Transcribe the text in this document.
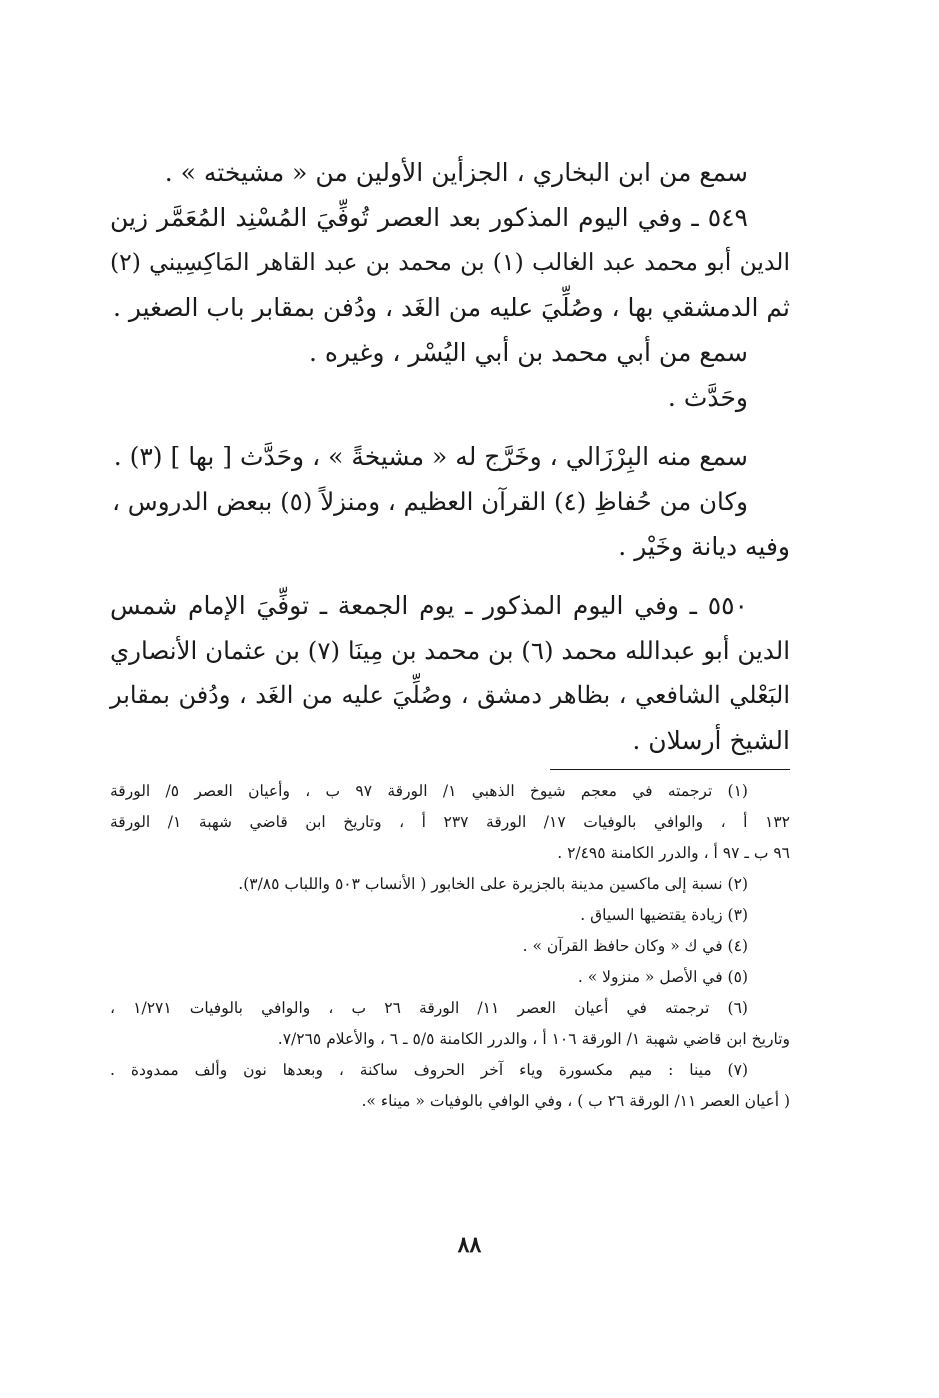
سمع من ابن البخاري ، الجزأين الأولين من « مشيخته » .
٥٤٩ ـ وفي اليوم المذكور بعد العصر تُوفِّيَ المُسْنِد المُعَمَّر زين
الدين أبو محمد عبد الغالب (١) بن محمد بن عبد القاهر المَاكِسِيني (٢)
ثم الدمشقي بها ، وصُلِّيَ عليه من الغَد ، ودُفن بمقابر باب الصغير .
سمع من أبي محمد بن أبي اليُسْر ، وغيره .
وحَدَّث .
سمع منه البِرْزَالي ، وخَرَّج له « مشيخةً » ، وحَدَّث [ بها ] (٣) .
وكان من حُفاظِ (٤) القرآن العظيم ، ومنزلاً (٥) ببعض الدروس ،
وفيه ديانة وخَيْر .
٥٥٠ ـ وفي اليوم المذكور ـ يوم الجمعة ـ توفِّيَ الإمام شمس
الدين أبو عبدالله محمد (٦) بن محمد بن مِينَا (٧) بن عثمان الأنصاري
البَعْلي الشافعي ، بظاهر دمشق ، وصُلِّيَ عليه من الغَد ، ودُفن بمقابر
الشيخ أرسلان .
(١) ترجمته في معجم شيوخ الذهبي ١/ الورقة ٩٧ ب ، وأعيان العصر ٥/ الورقة
١٣٢ أ ، والوافي بالوفيات ١٧/ الورقة ٢٣٧ أ ، وتاريخ ابن قاضي شهبة ١/ الورقة
٩٦ ب ـ ٩٧ أ ، والدرر الكامنة ٢/٤٩٥ .
(٢) نسبة إلى ماكسين مدينة بالجزيرة على الخابور ( الأنساب ٥٠٣ واللباب ٣/٨٥).
(٣) زيادة يقتضيها السياق .
(٤) في ك « وكان حافظ القرآن » .
(٥) في الأصل « منزولا » .
(٦) ترجمته في أعيان العصر ١١/ الورقة ٢٦ ب ، والوافي بالوفيات ١/٢٧١ ،
وتاريخ ابن قاضي شهبة ١/ الورقة ١٠٦ أ ، والدرر الكامنة ٥/٥ ـ ٦ ، والأعلام ٧/٢٦٥.
(٧) مينا : ميم مكسورة وياء آخر الحروف ساكنة ، وبعدها نون وألف ممدودة .
( أعيان العصر ١١/ الورقة ٢٦ ب ) ، وفي الوافي بالوفيات « ميناء ».
٨٨
